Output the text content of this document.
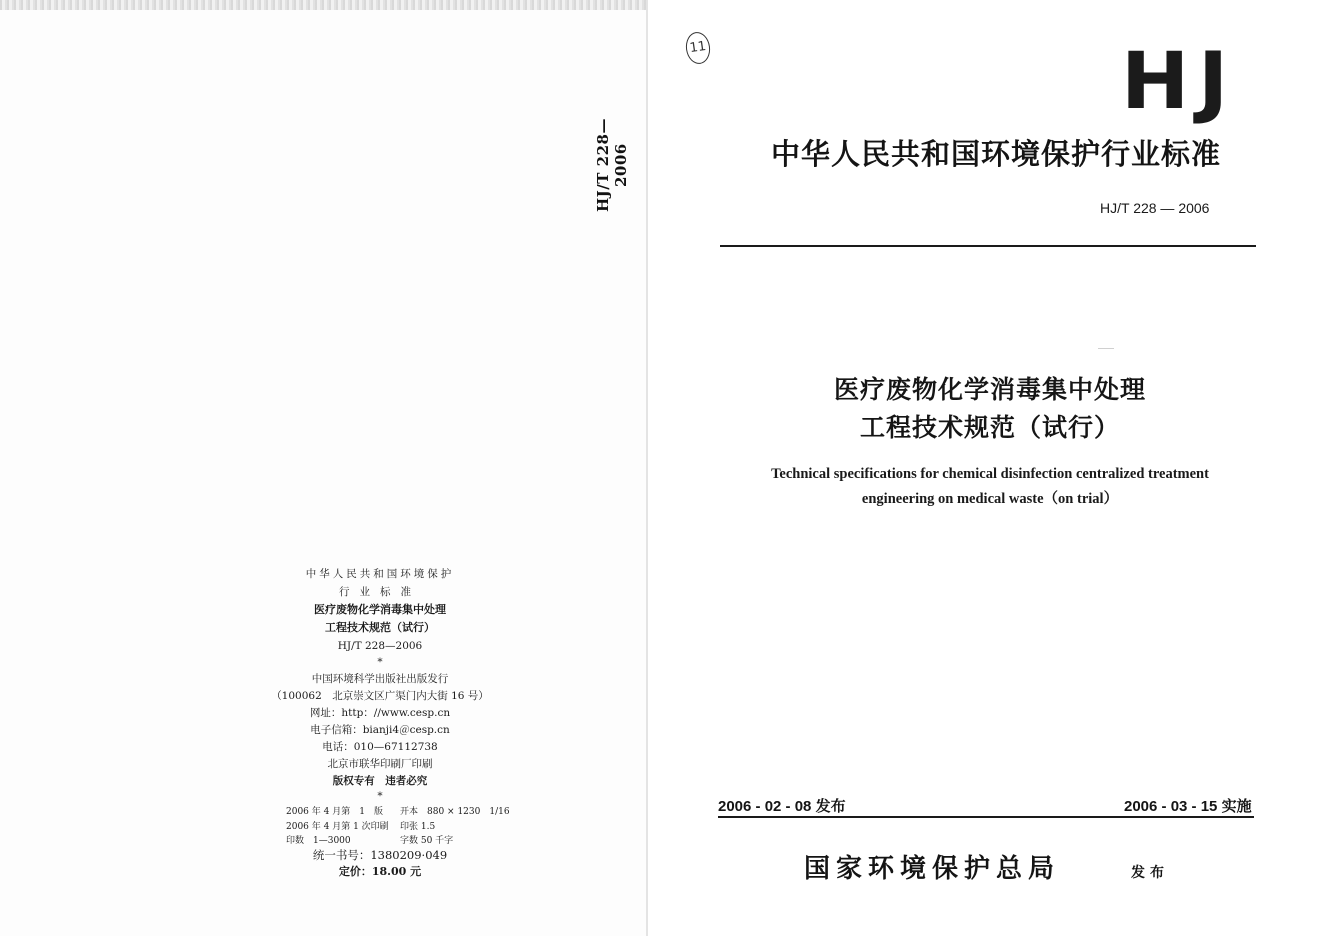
HJ/T 228—2006
中华人民共和国环境保护
行业标准
医疗废物化学消毒集中处理
工程技术规范（试行）
HJ/T 228—2006
*
中国环境科学出版社出版发行
（100062　北京崇文区广渠门内大街 16 号）
网址：http：//www.cesp.cn
电子信箱：bianji4＠cesp.cn
电话：010—67112738
北京市联华印刷厂印刷
版权专有　违者必究
*
2006 年 4 月第　1　版 开本　880 × 1230　1/16
2006 年 4 月第 1 次印刷 印张 1.5
印数　1—3000	字数 50 千字
统一书号：1380209·049
定价：18.00 元
11	HJ
中华人民共和国环境保护行业标准
HJ/T 228 — 2006
医疗废物化学消毒集中处理
工程技术规范（试行）
Technical specifications for chemical disinfection centralized treatment
engineering on medical waste（on trial）
2006 - 02 - 08 发布	2006 - 03 - 15 实施
国家环境保护总局	发布
